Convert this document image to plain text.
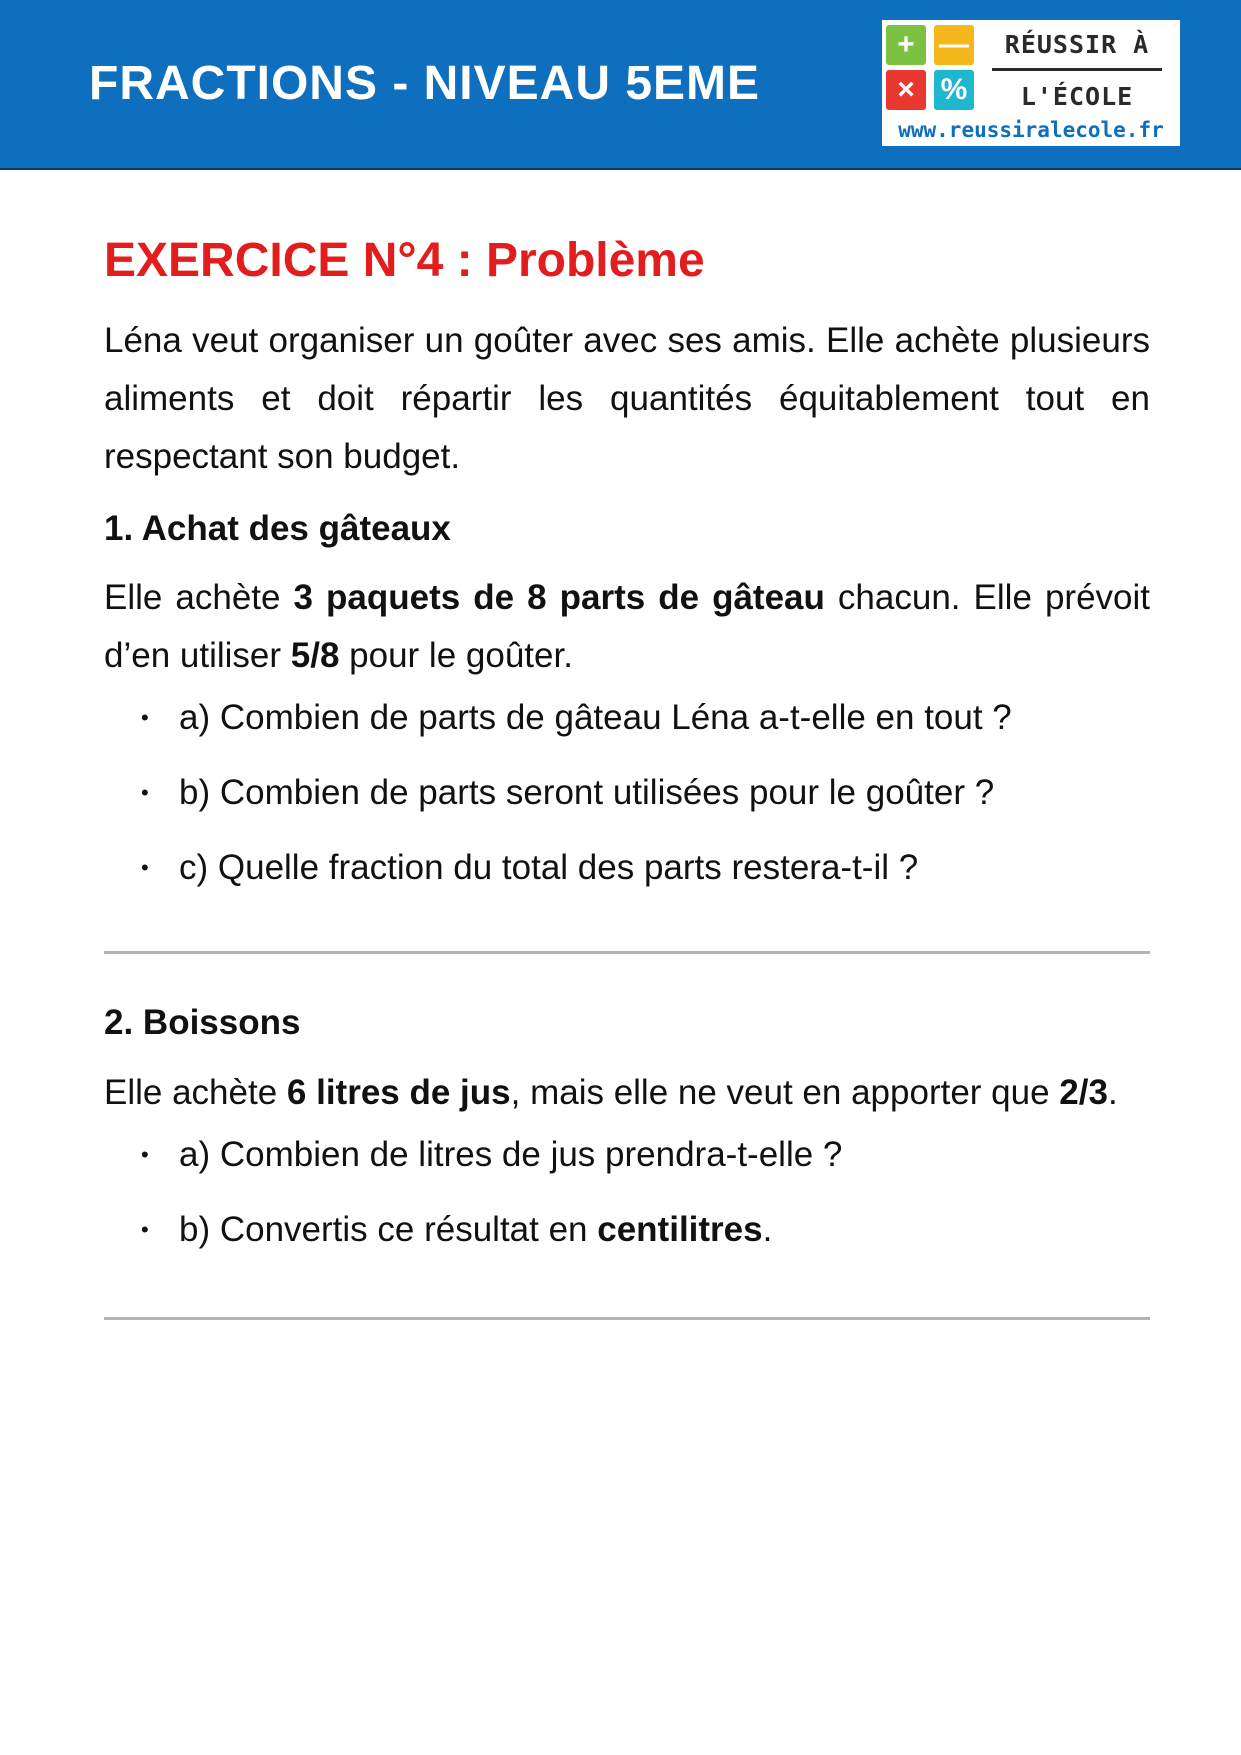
FRACTIONS - NIVEAU 5EME
+ —
× %
RÉUSSIR À
L'ÉCOLE
www.reussiralecole.fr
EXERCICE N°4 : Problème

Léna veut organiser un goûter avec ses amis. Elle achète plusieurs aliments et doit répartir les quantités équitablement tout en respectant son budget.

1. Achat des gâteaux

Elle achète 3 paquets de 8 parts de gâteau chacun. Elle prévoit d’en utiliser 5/8 pour le goûter.

• a) Combien de parts de gâteau Léna a-t-elle en tout ?
• b) Combien de parts seront utilisées pour le goûter ?
• c) Quelle fraction du total des parts restera-t-il ?
2. Boissons

Elle achète 6 litres de jus, mais elle ne veut en apporter que 2/3.

• a) Combien de litres de jus prendra-t-elle ?
• b) Convertis ce résultat en centilitres.
